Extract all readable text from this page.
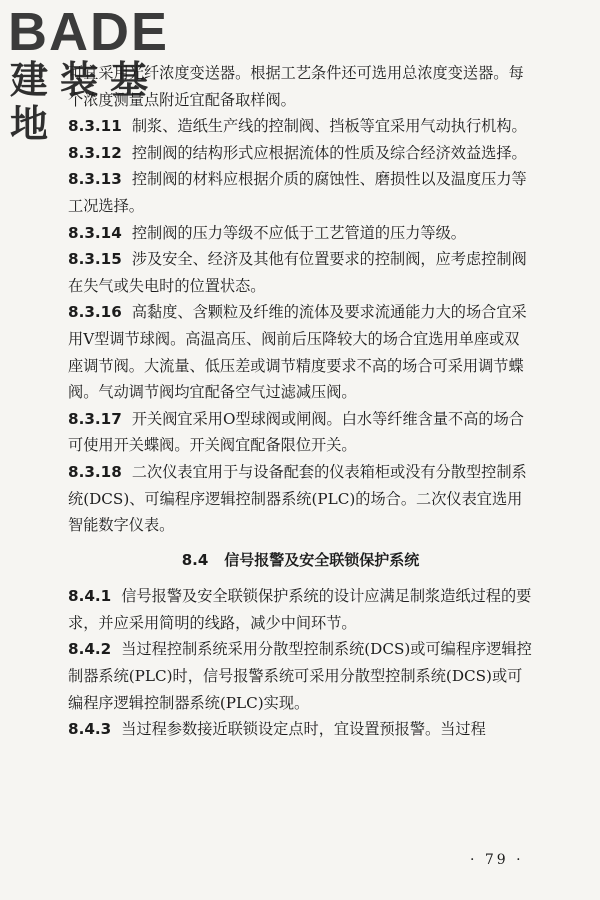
BADE
建装基地

可宜采用光纤浓度变送器。根据工艺条件还可选用总浓度变送器。每个浓度测量点附近宜配备取样阀。

8.3.11 制浆、造纸生产线的控制阀、挡板等宜采用气动执行机构。

8.3.12 控制阀的结构形式应根据流体的性质及综合经济效益选择。

8.3.13 控制阀的材料应根据介质的腐蚀性、磨损性以及温度压力等工况选择。

8.3.14 控制阀的压力等级不应低于工艺管道的压力等级。

8.3.15 涉及安全、经济及其他有位置要求的控制阀，应考虑控制阀在失气或失电时的位置状态。

8.3.16 高黏度、含颗粒及纤维的流体及要求流通能力大的场合宜采用V型调节球阀。高温高压、阀前后压降较大的场合宜选用单座或双座调节阀。大流量、低压差或调节精度要求不高的场合可采用调节蝶阀。气动调节阀均宜配备空气过滤减压阀。

8.3.17 开关阀宜采用O型球阀或闸阀。白水等纤维含量不高的场合可使用开关蝶阀。开关阀宜配备限位开关。

8.3.18 二次仪表宜用于与设备配套的仪表箱柜或没有分散型控制系统(DCS)、可编程序逻辑控制器系统(PLC)的场合。二次仪表宜选用智能数字仪表。

8.4 信号报警及安全联锁保护系统

8.4.1 信号报警及安全联锁保护系统的设计应满足制浆造纸过程的要求，并应采用简明的线路，减少中间环节。

8.4.2 当过程控制系统采用分散型控制系统(DCS)或可编程序逻辑控制器系统(PLC)时，信号报警系统可采用分散型控制系统(DCS)或可编程序逻辑控制器系统(PLC)实现。

8.4.3 当过程参数接近联锁设定点时，宜设置预报警。当过程

· 79 ·
